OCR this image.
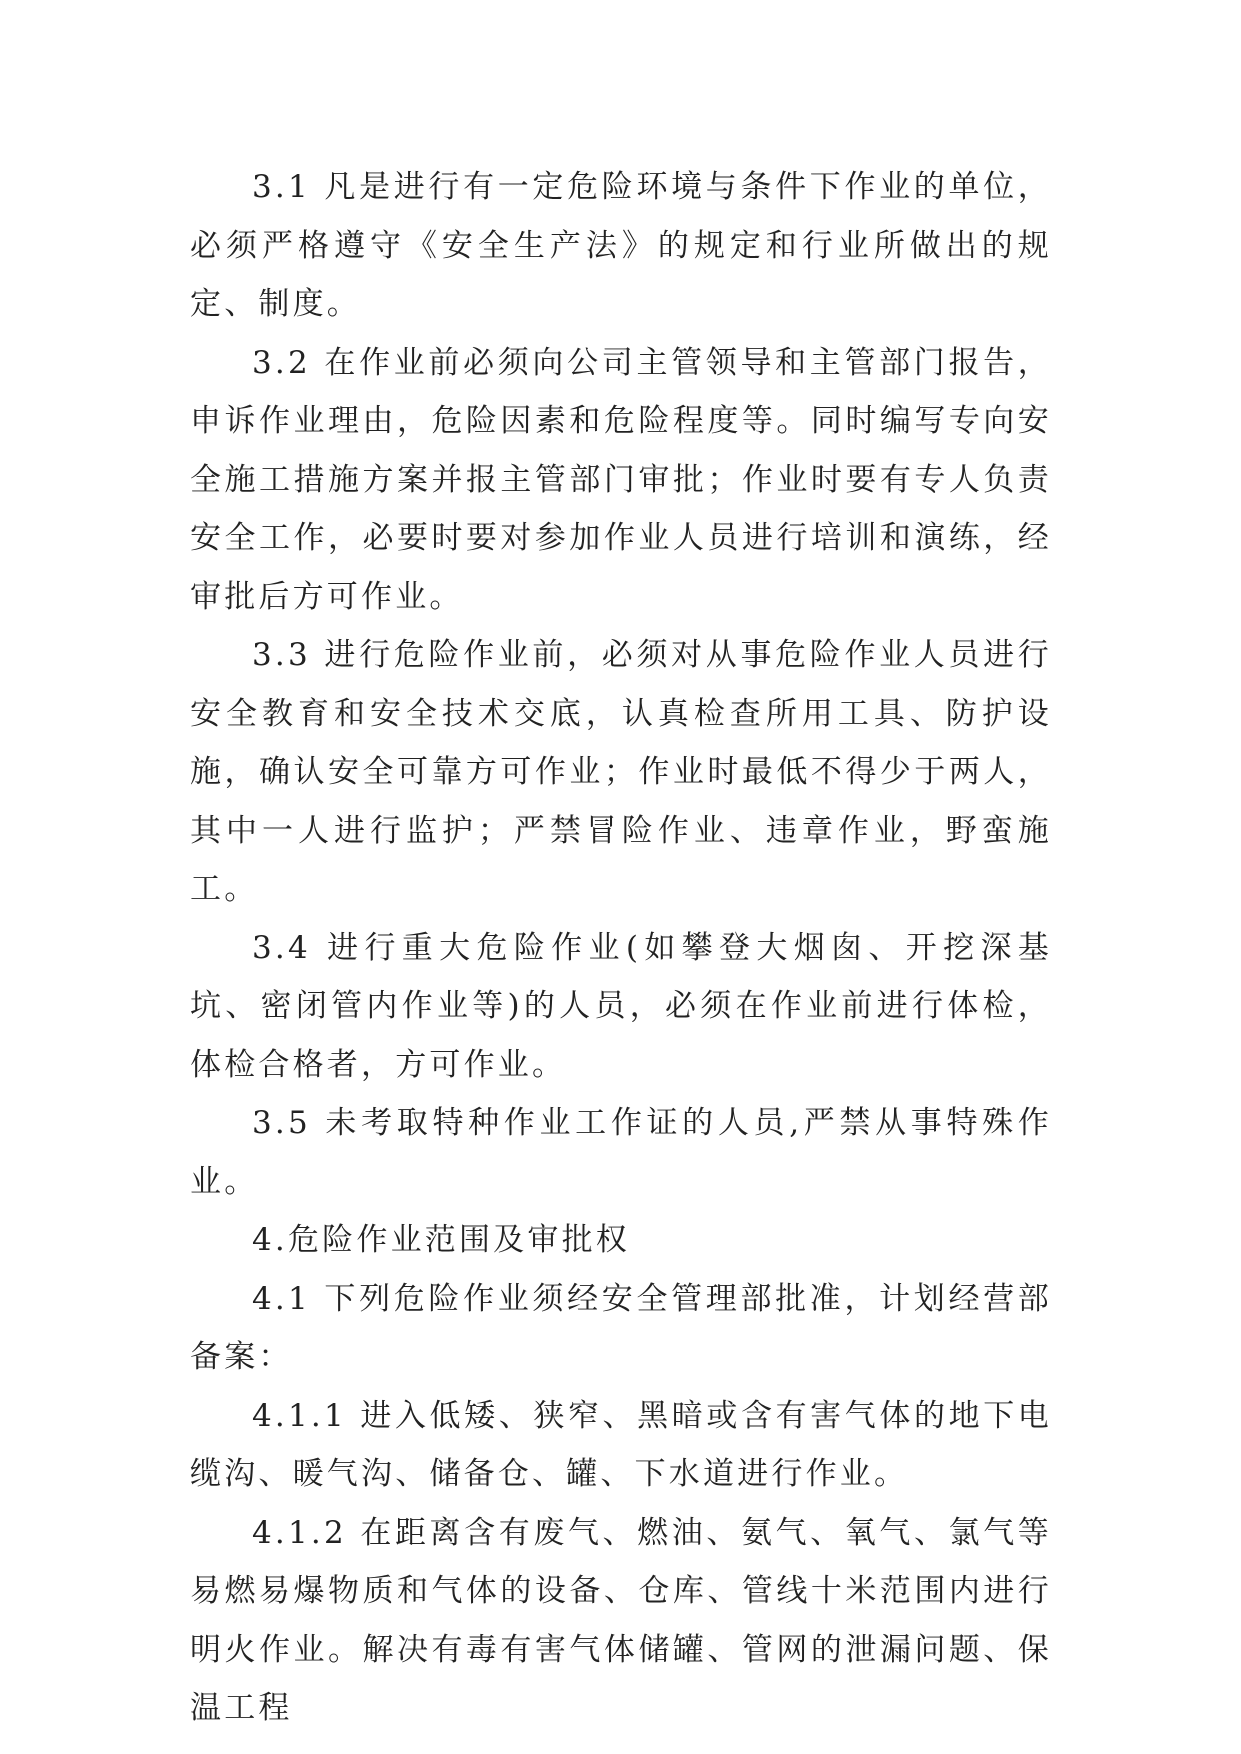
3.1 凡是进行有一定危险环境与条件下作业的单位，必须严格遵守《安全生产法》的规定和行业所做出的规定、制度。

3.2 在作业前必须向公司主管领导和主管部门报告，申诉作业理由，危险因素和危险程度等。同时编写专向安全施工措施方案并报主管部门审批；作业时要有专人负责安全工作，必要时要对参加作业人员进行培训和演练，经审批后方可作业。

3.3 进行危险作业前，必须对从事危险作业人员进行安全教育和安全技术交底，认真检查所用工具、防护设施，确认安全可靠方可作业；作业时最低不得少于两人，其中一人进行监护；严禁冒险作业、违章作业，野蛮施工。

3.4 进行重大危险作业(如攀登大烟囱、开挖深基坑、密闭管内作业等)的人员，必须在作业前进行体检，体检合格者，方可作业。

3.5 未考取特种作业工作证的人员,严禁从事特殊作业。

4.危险作业范围及审批权

4.1 下列危险作业须经安全管理部批准，计划经营部备案：

4.1.1 进入低矮、狭窄、黑暗或含有害气体的地下电缆沟、暖气沟、储备仓、罐、下水道进行作业。

4.1.2 在距离含有废气、燃油、氨气、氧气、氯气等易燃易爆物质和气体的设备、仓库、管线十米范围内进行明火作业。解决有毒有害气体储罐、管网的泄漏问题、保温工程
